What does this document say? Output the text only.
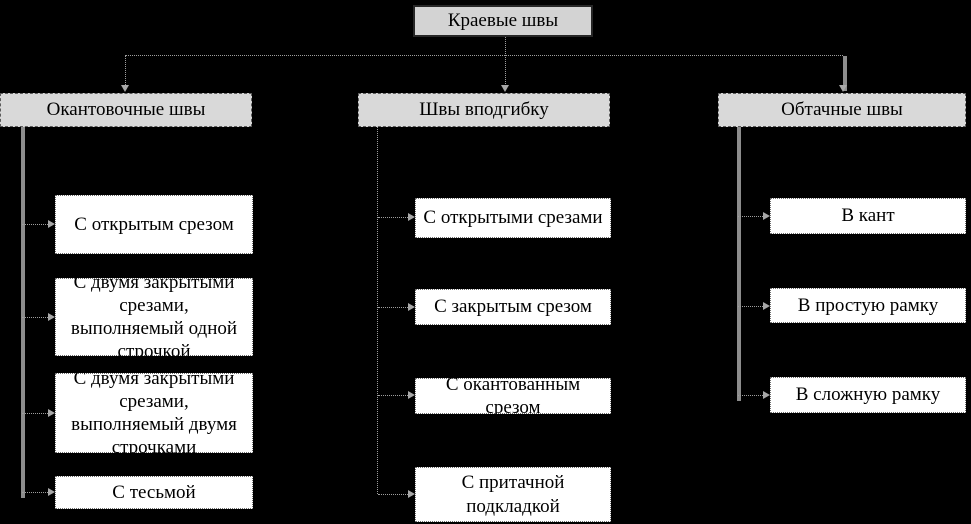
Краевые швы
Окантовочные швы	Швы вподгибку	Обтачные швы
С открытым срезом
С двумя закрытыми срезами, выполняемый одной строчкой
С двумя закрытыми срезами, выполняемый двумя строчками
С тесьмой
С открытыми срезами
С закрытым срезом
С окантованным срезом
С притачной подкладкой
В кант
В простую рамку
В сложную рамку
